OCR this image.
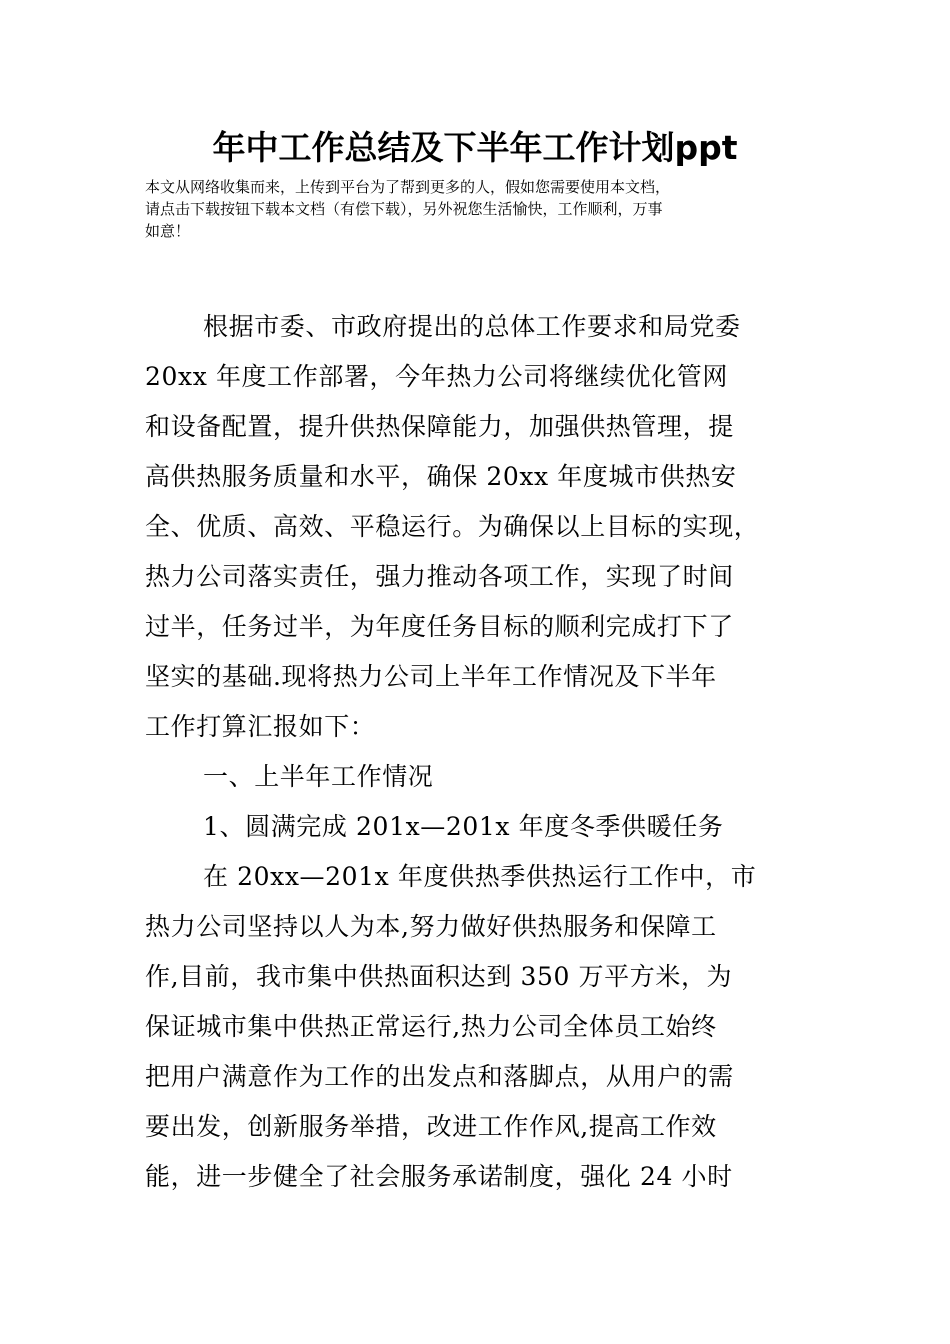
年中工作总结及下半年工作计划ppt
本文从网络收集而来，上传到平台为了帮到更多的人，假如您需要使用本文档，
请点击下载按钮下载本文档（有偿下载），另外祝您生活愉快，工作顺利，万事
如意！
根据市委、市政府提出的总体工作要求和局党委
20xx 年度工作部署，今年热力公司将继续优化管网
和设备配置，提升供热保障能力，加强供热管理，提
高供热服务质量和水平，确保 20xx 年度城市供热安
全、优质、高效、平稳运行。为确保以上目标的实现，
热力公司落实责任，强力推动各项工作，实现了时间
过半，任务过半，为年度任务目标的顺利完成打下了
坚实的基础.现将热力公司上半年工作情况及下半年
工作打算汇报如下：
一、上半年工作情况
1、圆满完成 201x—201x 年度冬季供暖任务
在 20xx—201x 年度供热季供热运行工作中，市
热力公司坚持以人为本,努力做好供热服务和保障工
作,目前，我市集中供热面积达到 350 万平方米，为
保证城市集中供热正常运行,热力公司全体员工始终
把用户满意作为工作的出发点和落脚点，从用户的需
要出发，创新服务举措，改进工作作风,提高工作效
能，进一步健全了社会服务承诺制度，强化 24 小时
